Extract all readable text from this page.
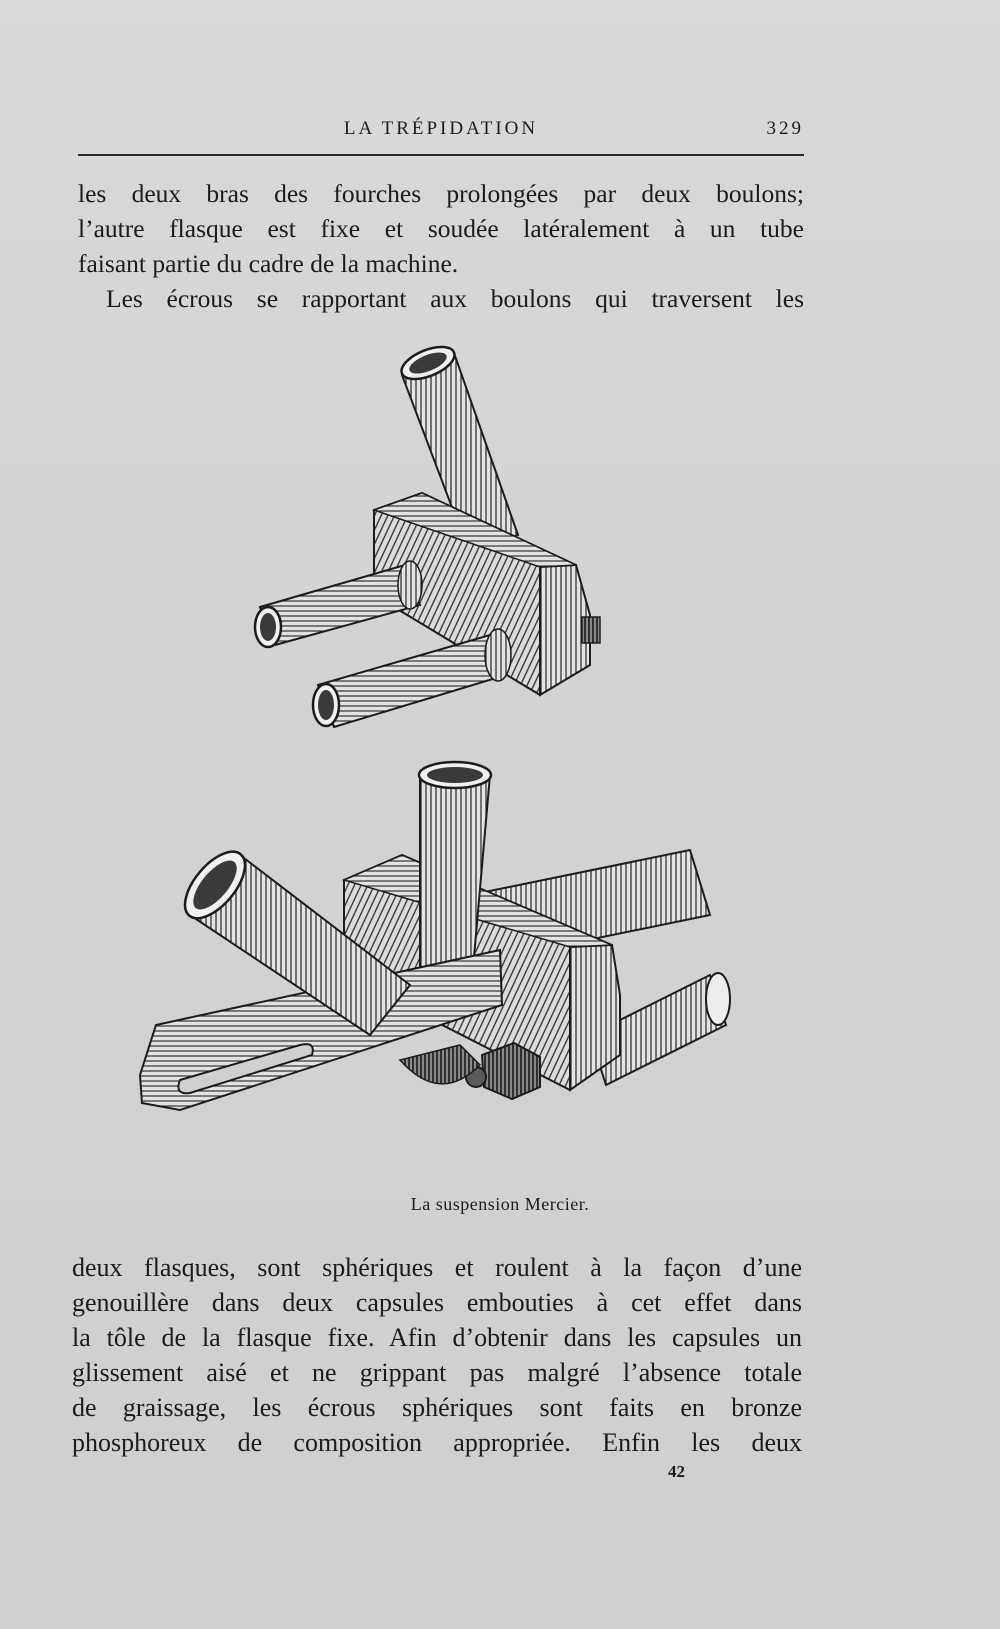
LA TRÉPIDATION	329
les deux bras des fourches prolongées par deux boulons;
l’autre flasque est fixe et soudée latéralement à un tube
faisant partie du cadre de la machine.
Les écrous se rapportant aux boulons qui traversent les
La suspension Mercier.
deux flasques, sont sphériques et roulent à la façon d’une
genouillère dans deux capsules embouties à cet effet dans
la tôle de la flasque fixe. Afin d’obtenir dans les capsules un
glissement aisé et ne grippant pas malgré l’absence totale
de graissage, les écrous sphériques sont faits en bronze
phosphoreux de composition appropriée. Enfin les deux
42
